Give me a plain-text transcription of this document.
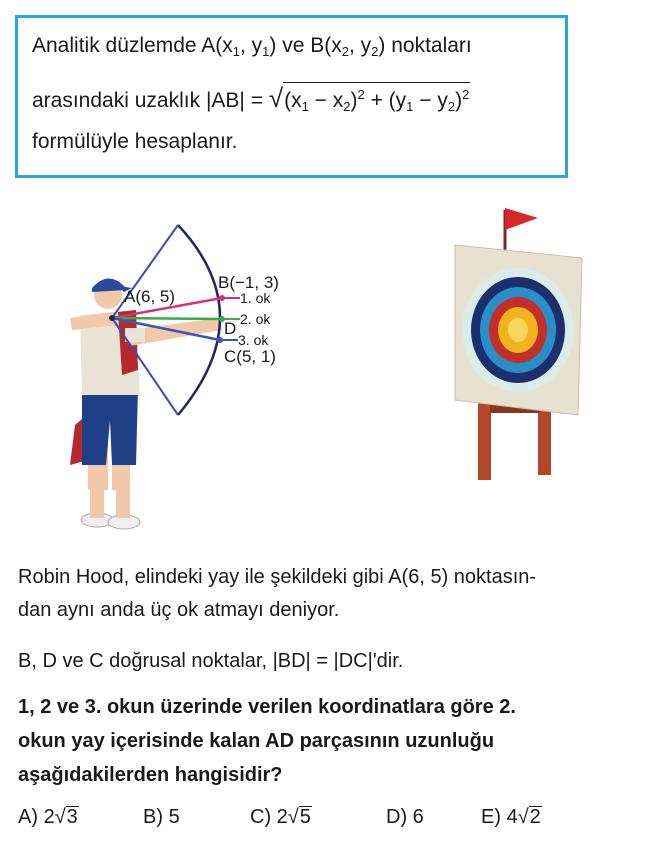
Analitik düzlemde $A(x_1$, $y_1$) ve $B(x_2$, $y_2$) noktaları
arasındaki uzaklık $|AB| = √(x_1 - x_2)^2 + (y_1 - y_2)^2$
formülüyle hesaplanır.
A(6, 5)
B(−1, 3)
1. ok
2. ok
D
3. ok
C(5, 1)
Robin Hood, elindeki yay ile şekildeki gibi A(6, 5) noktasın-
dan aynı anda üç ok atmayı deniyor.
B, D ve C doğrusal noktalar, |BD| = |DC|'dir.
1, 2 ve 3. okun üzerinde verilen koordinatlara göre 2.
okun yay içerisinde kalan AD parçasının uzunluğu
aşağıdakilerden hangisidir?
A) 2√3	B) 5	C) 2√5	D) 6	E) 4√2
